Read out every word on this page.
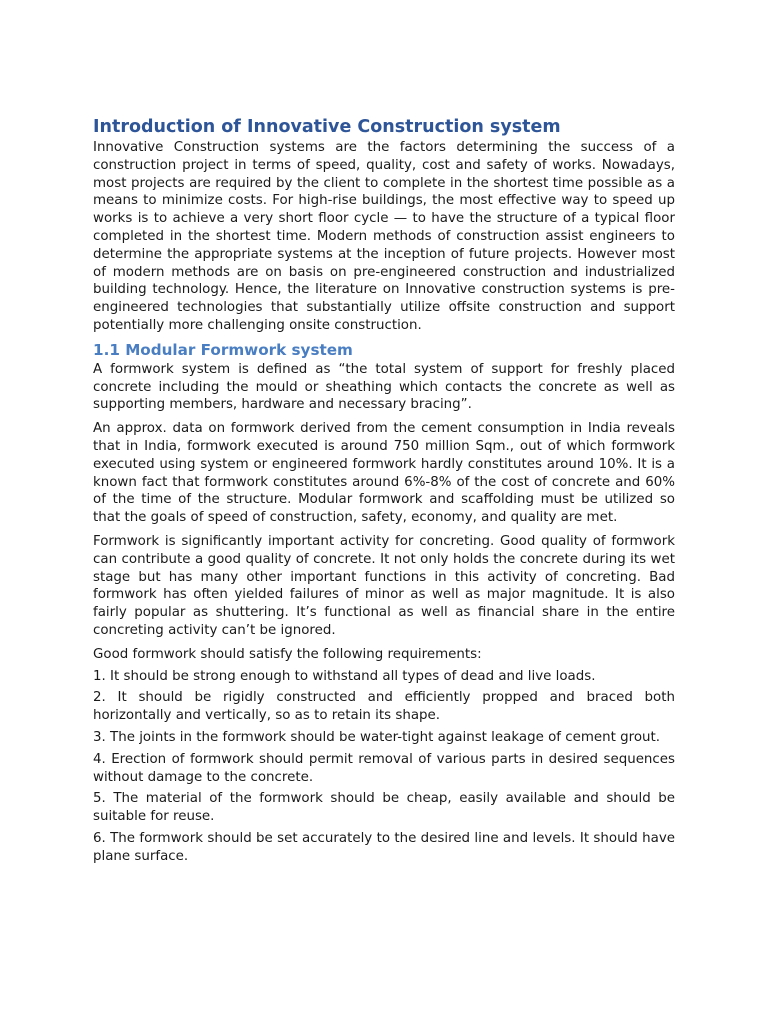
Introduction of Innovative Construction system

Innovative Construction systems are the factors determining the success of a construction project in terms of speed, quality, cost and safety of works. Nowadays, most projects are required by the client to complete in the shortest time possible as a means to minimize costs. For high-rise buildings, the most effective way to speed up works is to achieve a very short floor cycle — to have the structure of a typical floor completed in the shortest time. Modern methods of construction assist engineers to determine the appropriate systems at the inception of future projects. However most of modern methods are on basis on pre-engineered construction and industrialized building technology. Hence, the literature on Innovative construction systems is pre-engineered technologies that substantially utilize offsite construction and support potentially more challenging onsite construction.

1.1 Modular Formwork system

A formwork system is defined as “the total system of support for freshly placed concrete including the mould or sheathing which contacts the concrete as well as supporting members, hardware and necessary bracing”.

An approx. data on formwork derived from the cement consumption in India reveals that in India, formwork executed is around 750 million Sqm., out of which formwork executed using system or engineered formwork hardly constitutes around 10%. It is a known fact that formwork constitutes around 6%-8% of the cost of concrete and 60% of the time of the structure. Modular formwork and scaffolding must be utilized so that the goals of speed of construction, safety, economy, and quality are met.

Formwork is significantly important activity for concreting. Good quality of formwork can contribute a good quality of concrete. It not only holds the concrete during its wet stage but has many other important functions in this activity of concreting. Bad formwork has often yielded failures of minor as well as major magnitude. It is also fairly popular as shuttering. It’s functional as well as financial share in the entire concreting activity can’t be ignored.

Good formwork should satisfy the following requirements:

1. It should be strong enough to withstand all types of dead and live loads.

2. It should be rigidly constructed and efficiently propped and braced both horizontally and vertically, so as to retain its shape.

3. The joints in the formwork should be water-tight against leakage of cement grout.

4. Erection of formwork should permit removal of various parts in desired sequences without damage to the concrete.

5. The material of the formwork should be cheap, easily available and should be suitable for reuse.

6. The formwork should be set accurately to the desired line and levels. It should have plane surface.
